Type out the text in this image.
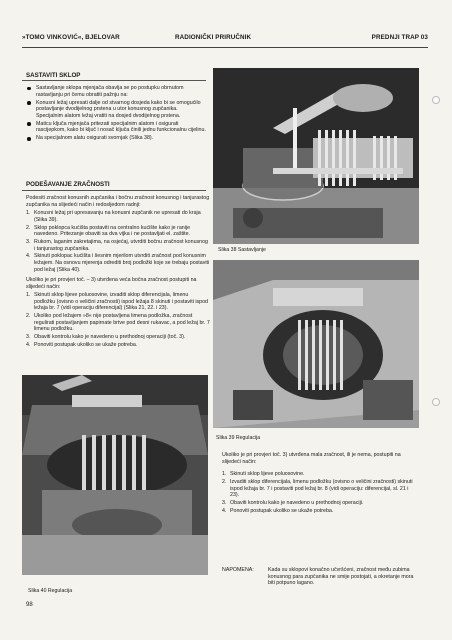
»TOMO VINKOVIĆ«, BJELOVAR	RADIONIČKI PRIRUČNIK	PREDNJI TRAP 03
SASTAVITI SKLOP
Sastavljanje sklopa mjenjača obavlja se po postupku obrnutom rastavljanju pri čemu obratiti pažnju na:
Konusni ležaj upresati dalje od stvarnog dosjeda kako bi se omogućilo postavljanje dvodijelnog prstena u utor konusnog zupčanika. Specijalnim alatom ležaj vratiti na dosjed dvodijelnog prstena.
Maticu ključa mjenjača pritezati specijalnim alatom i osigurati rascijepkom, kako bi ključ i nosač ključa činili jednu funkcionalnu cijelinu.
Na specijalnom alatu osigurati svornjak (Slika 38).
PODEŠAVANJE ZRAČNOSTI

Podesiti zračnost konusnih zupčanika i bočnu zračnost konusnog i tanjurastog zupčanika na slijedeći način i redosljedom radnji:

1. Konusni ležaj pri upresavanju na konusni zupčanik ne upresati do kraja (Slika 39).
2. Sklop poklopca kućišta postaviti na centralno kućište kako je ranije navedeno. Pritezanje obaviti sa dva vijka i ne postavljati el. zaštite.
3. Rukom, laganim zakretajima, na osjećaj, utvrditi bočnu zračnost konusnog i tanjurastog zupčanika.
4. Skinuti poklopac kućišta i šesnim mjerilom utvrditi zračnost pod konusnim ležajem. Na osnovu mjerenja odrediti broj podložki koje se trebaju postaviti pod ležaj (Slika 40).

Ukoliko je pri provjeri toč. – 3) utvrđena veća bočna zračnost postupiti na slijedeći način:

1. Skinuti sklop lijeve poluosovine, izvaditi sklop diferencijala, limenu podložku (ovisno o veličini zračnosti) ispod ležaja 8 skinuti i postaviti ispod ležaja br. 7 (vidi operaciju diferencijal) (Slika 21, 22. i 23).
2. Ukoliko pod ležajem »8« nije postavljena limena podložka, zračnost regulirati postavljanjem papirnate brtve pod desni rukavac, a pod ležaj br. 7 limenu podložku.
3. Obaviti kontrolu kako je navedeno u prethodnoj operaciji (toč. 3).
4. Ponoviti postupak ukoliko se ukaže potreba.
Slika 38 Sastavljanje
Slika 39 Regulacija
Slika 40 Regulacija

Ukoliko je pri provjeri toč. 3) utvrđena mala zračnost, ili je nema, postupiti na slijedeći način:

1. Skinuti sklop lijeve poluosovine.
2. Izvaditi sklop diferencijala, limenu podložku (ovisno o veličini zračnosti) skinuti ispod ležaja br. 7 i postaviti pod ležaj br. 8 (vidi operaciju: diferencijal, sl. 21 i 23).
3. Obaviti kontrolu kako je navedeno u prethodnoj operaciji.
4. Ponoviti postupak ukoliko se ukaže potreba.
NAPOMENA:	Kada su sklopovi konačno učvršćeni, zračnost među zubima konusnog para zupčanika ne smije postojati, a okretanje mora biti potpuno lagano.
98
